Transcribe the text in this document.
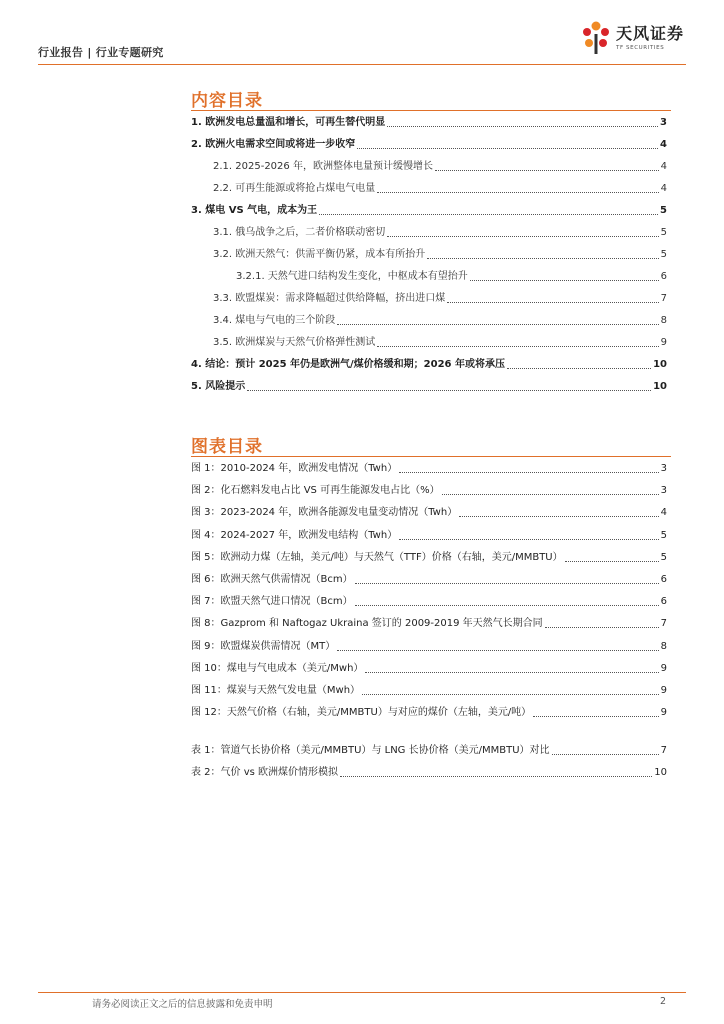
行业报告 | 行业专题研究
天风证券
TF SECURITIES
内容目录
1. 欧洲发电总量温和增长，可再生替代明显	3
2. 欧洲火电需求空间或将进一步收窄	4
2.1. 2025-2026 年，欧洲整体电量预计缓慢增长	4
2.2. 可再生能源或将抢占煤电气电量	4
3. 煤电 VS 气电，成本为王	5
3.1. 俄乌战争之后，二者价格联动密切	5
3.2. 欧洲天然气：供需平衡仍紧，成本有所抬升	5
3.2.1. 天然气进口结构发生变化，中枢成本有望抬升	6
3.3. 欧盟煤炭：需求降幅超过供给降幅，挤出进口煤	7
3.4. 煤电与气电的三个阶段	8
3.5. 欧洲煤炭与天然气价格弹性测试	9
4. 结论：预计 2025 年仍是欧洲气/煤价格缓和期；2026 年或将承压	10
5. 风险提示	10
图表目录
图 1：2010-2024 年，欧洲发电情况（Twh）	3
图 2：化石燃料发电占比 VS 可再生能源发电占比（%）	3
图 3：2023-2024 年，欧洲各能源发电量变动情况（Twh）	4
图 4：2024-2027 年，欧洲发电结构（Twh）	5
图 5：欧洲动力煤（左轴，美元/吨）与天然气（TTF）价格（右轴，美元/MMBTU）	5
图 6：欧洲天然气供需情况（Bcm）	6
图 7：欧盟天然气进口情况（Bcm）	6
图 8：Gazprom 和 Naftogaz Ukraina 签订的 2009-2019 年天然气长期合同	7
图 9：欧盟煤炭供需情况（MT）	8
图 10：煤电与气电成本（美元/Mwh）	9
图 11：煤炭与天然气发电量（Mwh）	9
图 12：天然气价格（右轴，美元/MMBTU）与对应的煤价（左轴，美元/吨）	9
表 1：管道气长协价格（美元/MMBTU）与 LNG 长协价格（美元/MMBTU）对比	7
表 2：气价 vs 欧洲煤价情形模拟	10
请务必阅读正文之后的信息披露和免责申明	2
